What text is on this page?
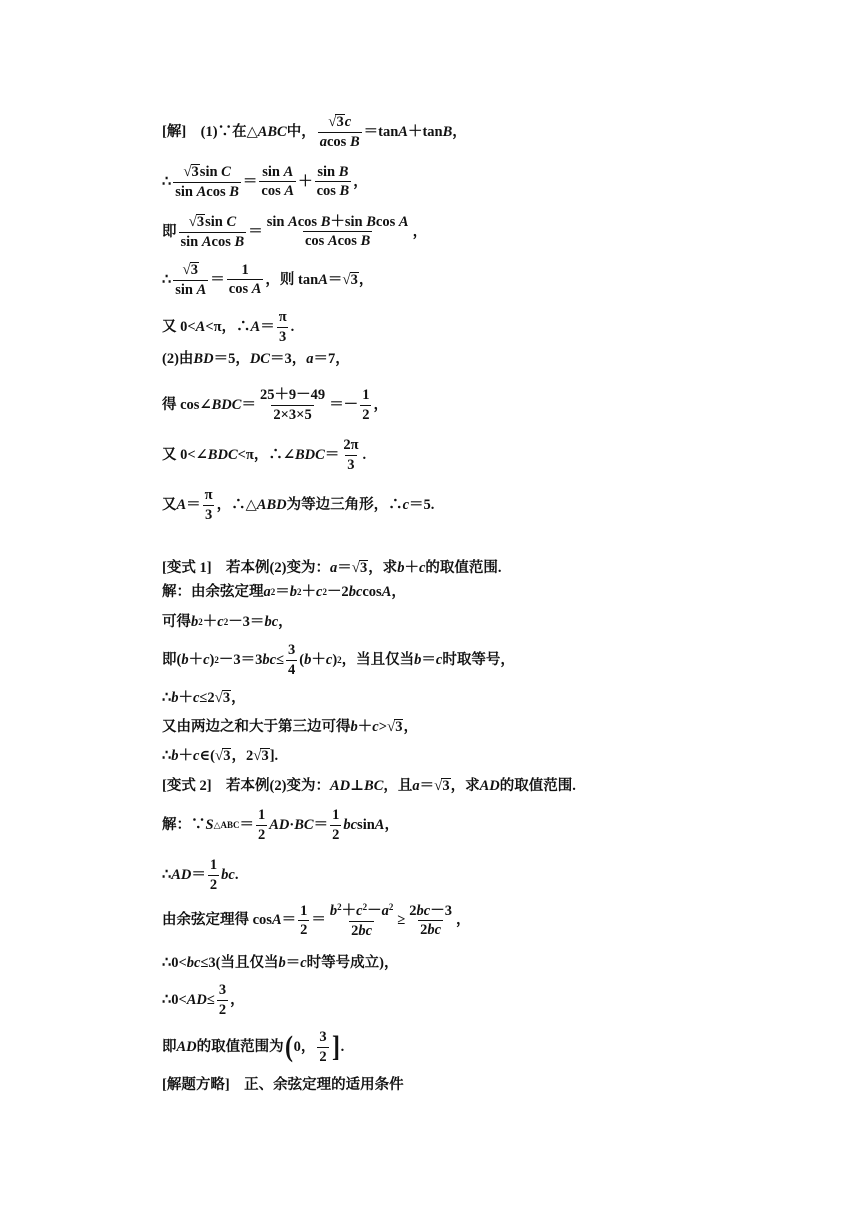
[解]　(1)∵在△ ABC 中， $\frac{√ 3 c}{\text{acos B}} =\tan$ A ＋tan B ，
∴ $\frac{\text{√ 3 sin C}}{\text{sin Acos B}} = \frac{\text{sin A}}{\text{cos A}} + \frac{\text{sin B}}{\text{cos B}}$ ，
即 $\frac{\text{√ 3 sin C}}{\text{sin Acos B}} = \frac{\text{sin Acos B＋sin Bcos A}}{\text{cos Acos B}}$ ，
∴ $\frac{√ 3}{\text{sin A}} = \frac{1}{\text{cos A}}$ ，则 tan A ＝ √ 3 ，
又 0< A <π，∴ $A = \frac{\pi}{3}$ .
(2)由 BD ＝5， DC ＝3， a ＝7，
得 cos∠ BDC ＝ $\frac{25+9-49}{2\times 3\times 5} =- \frac{1}{2}$ ，
又 0<∠ BDC <π，∴∠ BDC ＝ $\frac{2\pi}{3}$ .
又 $A = \frac{\pi}{3}$ ，∴△ ABD 为等边三角形，∴ c ＝5.
[变式 1]　若本例(2)变为： a ＝ √ 3 ，求 b ＋ c 的取值范围.
解：由余弦定理 a 2 ＝ b 2 ＋ c 2 －2 bc cos A ，
可得 b 2 ＋ c 2 －3＝ bc ，
即( b ＋ c ) 2 －3＝3 bc ≤ $\frac{3}{4}$ ( b ＋ c ) 2 ，当且仅当 b ＝ c 时取等号，
∴ b ＋ c ≤2 √ 3 ，
又由两边之和大于第三边可得 b ＋ c > √ 3 ，
∴ b ＋ c ∈( √ 3 ，2 √ 3 ].
[变式 2]　若本例(2)变为： AD ⊥ BC ，且 a ＝ √ 3 ，求 AD 的取值范围.
解：∵ S △ABC ＝ $\frac{1}{2}$ AD · BC ＝ $\frac{1}{2}$ bc sin A ，
∴ AD ＝ $\frac{1}{2}$ bc .
由余弦定理得 $\cos A = \frac{1}{2} = \frac{b^2+c^2-a^2}{2bc} \ge \frac{2bc-3}{2bc}$ ，
∴0< bc ≤3(当且仅当 b ＝ c 时等号成立)，
∴0< AD ≤ $\frac{3}{2}$ ，
即 AD 的取值范围为 ( 0， $\frac{3}{2}$ ] .
[解题方略]　正、余弦定理的适用条件
